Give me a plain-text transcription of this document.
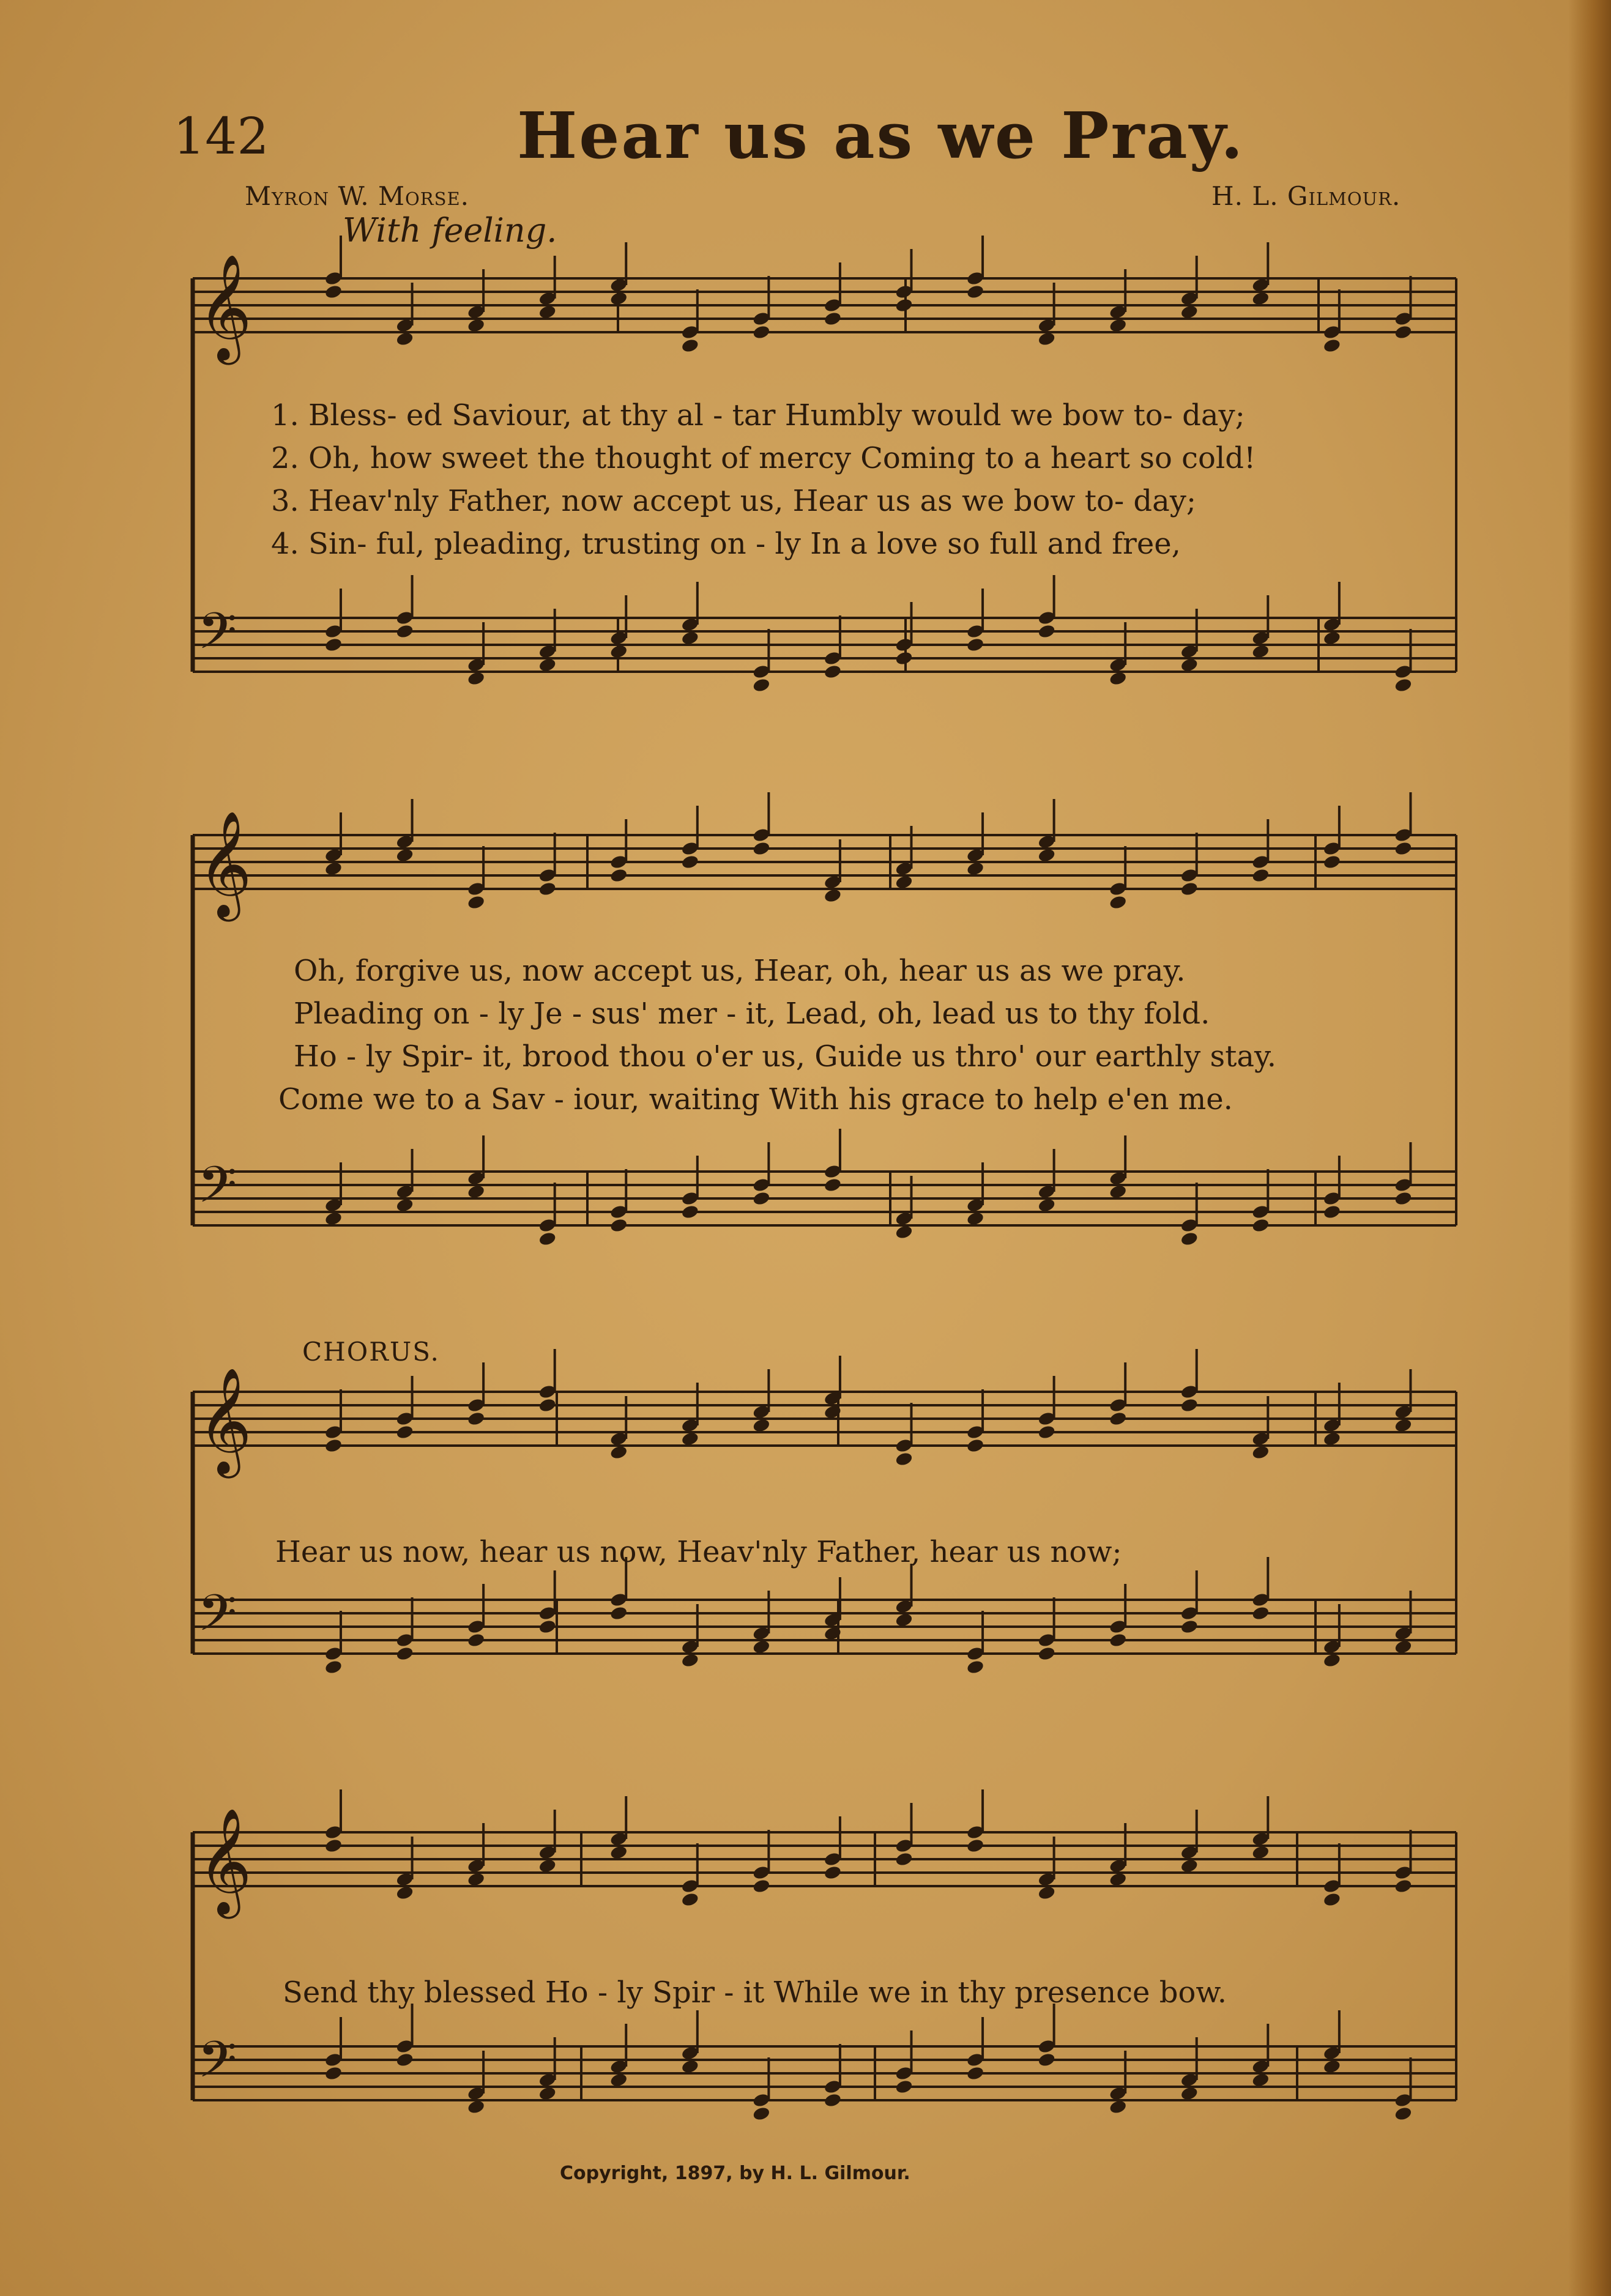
142	Hear us as we Pray.
Myron W. Morse.	H. L. Gilmour.
With feeling.
𝄞
𝄢
𝄞
𝄢
𝄞
𝄢
𝄞
𝄢
1. Bless- ed Saviour, at thy al - tar Humbly would we bow to- day;
2. Oh, how sweet the thought of mercy Coming to a heart so cold!
3. Heav'nly Father, now accept us, Hear us as we bow to- day;
4. Sin- ful, pleading, trusting on - ly In a love so full and free,
Oh, forgive us, now accept us, Hear, oh, hear us as we pray.
Pleading on - ly Je - sus' mer - it, Lead, oh, lead us to thy fold.
Ho - ly Spir- it, brood thou o'er us, Guide us thro' our earthly stay.
Come we to a Sav - iour, waiting With his grace to help e'en me.
CHORUS.
Hear us now, hear us now, Heav'nly Father, hear us now;
Send thy blessed Ho - ly Spir - it While we in thy presence bow.
Copyright, 1897, by H. L. Gilmour.
